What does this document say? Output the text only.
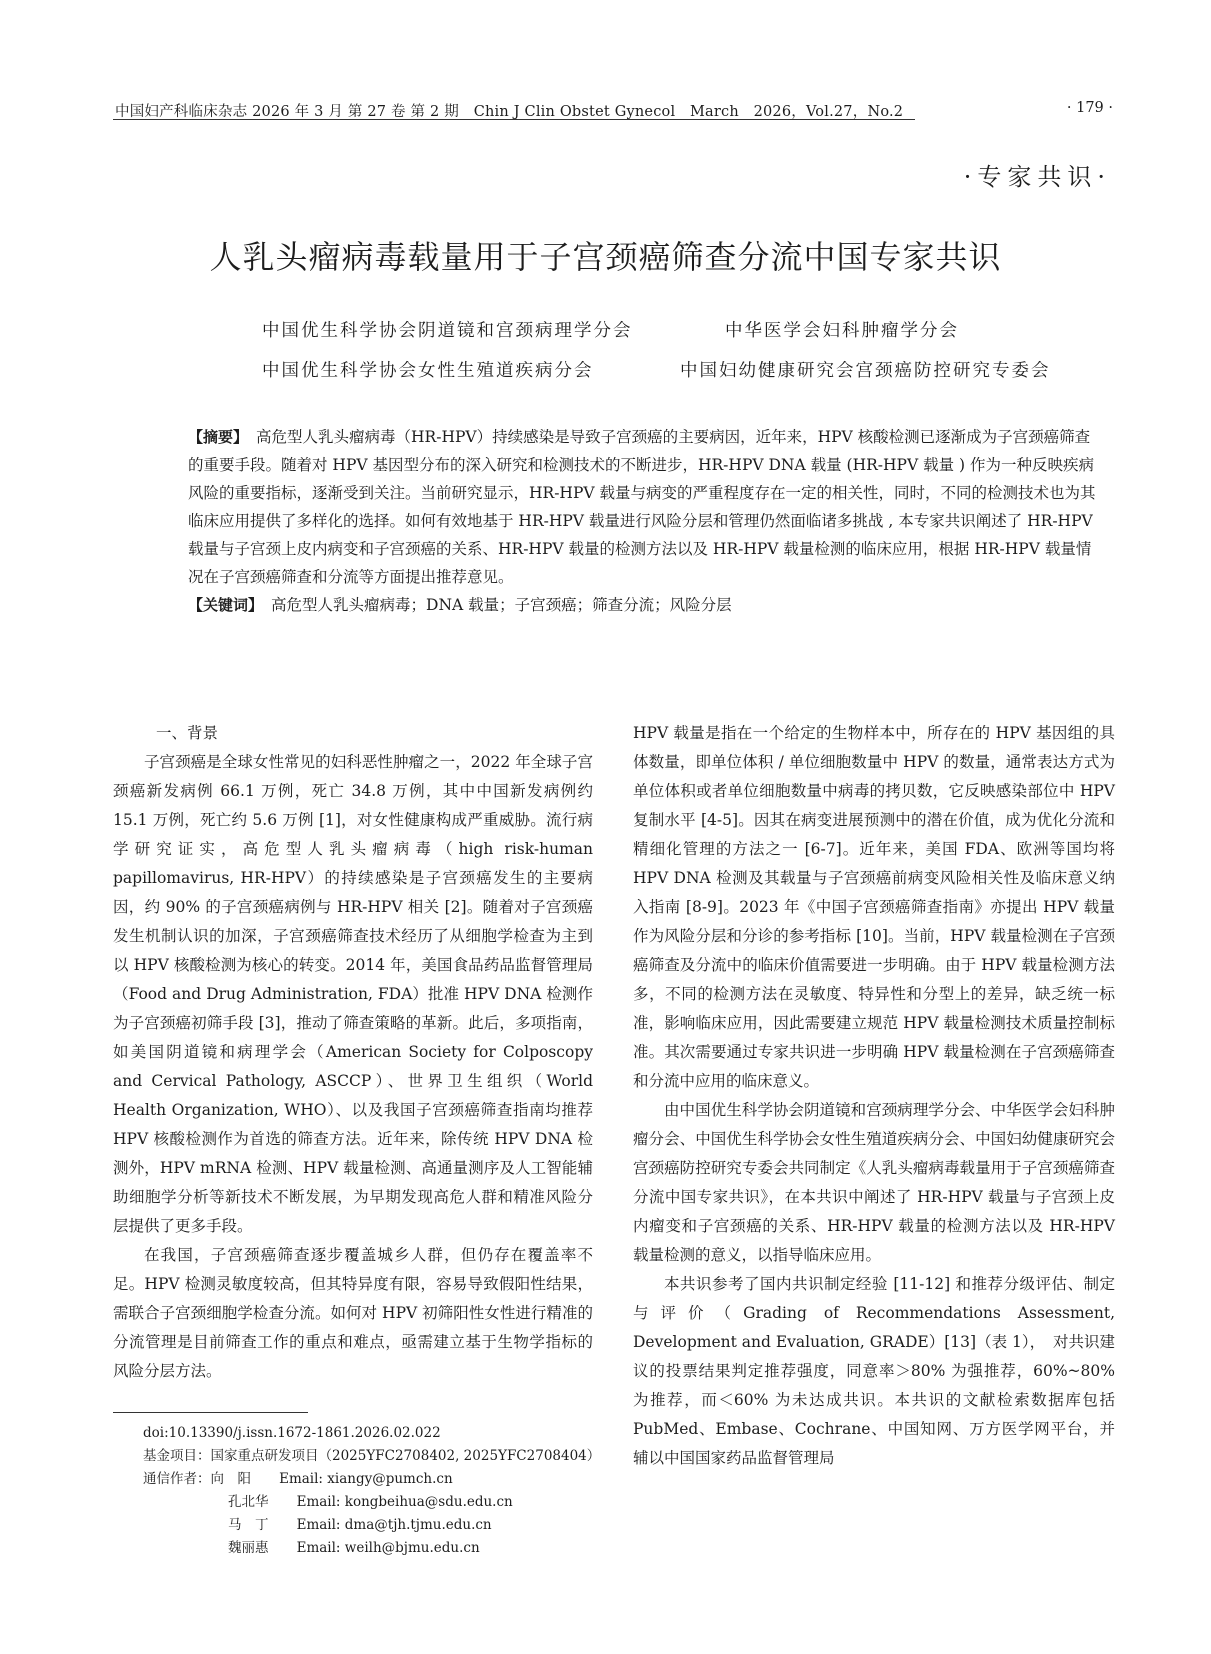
中国妇产科临床杂志 2026 年 3 月 第 27 卷 第 2 期　Chin J Clin Obstet Gynecol　March　2026，Vol.27，No.2	· 179 ·
·专家共识·
人乳头瘤病毒载量用于子宫颈癌筛查分流中国专家共识
中国优生科学协会阴道镜和宫颈病理学分会	中华医学会妇科肿瘤学分会
中国优生科学协会女性生殖道疾病分会	中国妇幼健康研究会宫颈癌防控研究专委会

【摘要】 高危型人乳头瘤病毒（HR-HPV）持续感染是导致子宫颈癌的主要病因，近年来，HPV 核酸检测已逐渐成为子宫颈癌筛查的重要手段。随着对 HPV 基因型分布的深入研究和检测技术的不断进步，HR-HPV DNA 载量 (HR-HPV 载量 ) 作为一种反映疾病风险的重要指标，逐渐受到关注。当前研究显示，HR-HPV 载量与病变的严重程度存在一定的相关性，同时，不同的检测技术也为其临床应用提供了多样化的选择。如何有效地基于 HR-HPV 载量进行风险分层和管理仍然面临诸多挑战 , 本专家共识阐述了 HR-HPV 载量与子宫颈上皮内病变和子宫颈癌的关系、HR-HPV 载量的检测方法以及 HR-HPV 载量检测的临床应用，根据 HR-HPV 载量情况在子宫颈癌筛查和分流等方面提出推荐意见。

【关键词】 高危型人乳头瘤病毒；DNA 载量；子宫颈癌；筛查分流；风险分层

一、背景

子宫颈癌是全球女性常见的妇科恶性肿瘤之一，2022 年全球子宫颈癌新发病例 66.1 万例，死亡 34.8 万例，其中中国新发病例约 15.1 万例，死亡约 5.6 万例 [1]，对女性健康构成严重威胁。流行病学研究证实，高危型人乳头瘤病毒（high risk-human papillomavirus, HR-HPV）的持续感染是子宫颈癌发生的主要病因，约 90% 的子宫颈癌病例与 HR-HPV 相关 [2]。随着对子宫颈癌发生机制认识的加深，子宫颈癌筛查技术经历了从细胞学检查为主到以 HPV 核酸检测为核心的转变。2014 年，美国食品药品监督管理局（Food and Drug Administration, FDA）批准 HPV DNA 检测作为子宫颈癌初筛手段 [3]，推动了筛查策略的革新。此后，多项指南，如美国阴道镜和病理学会（American Society for Colposcopy and Cervical Pathology, ASCCP）、世界卫生组织（World Health Organization, WHO）、以及我国子宫颈癌筛查指南均推荐 HPV 核酸检测作为首选的筛查方法。近年来，除传统 HPV DNA 检测外，HPV mRNA 检测、HPV 载量检测、高通量测序及人工智能辅助细胞学分析等新技术不断发展，为早期发现高危人群和精准风险分层提供了更多手段。

在我国，子宫颈癌筛查逐步覆盖城乡人群，但仍存在覆盖率不足。HPV 检测灵敏度较高，但其特异度有限，容易导致假阳性结果，需联合子宫颈细胞学检查分流。如何对 HPV 初筛阳性女性进行精准的分流管理是目前筛查工作的重点和难点，亟需建立基于生物学指标的风险分层方法。

HPV 载量是指在一个给定的生物样本中，所存在的 HPV 基因组的具体数量，即单位体积 / 单位细胞数量中 HPV 的数量，通常表达方式为单位体积或者单位细胞数量中病毒的拷贝数，它反映感染部位中 HPV 复制水平 [4-5]。因其在病变进展预测中的潜在价值，成为优化分流和精细化管理的方法之一 [6-7]。近年来，美国 FDA、欧洲等国均将 HPV DNA 检测及其载量与子宫颈癌前病变风险相关性及临床意义纳入指南 [8-9]。2023 年《中国子宫颈癌筛查指南》亦提出 HPV 载量作为风险分层和分诊的参考指标 [10]。当前，HPV 载量检测在子宫颈癌筛查及分流中的临床价值需要进一步明确。由于 HPV 载量检测方法多，不同的检测方法在灵敏度、特异性和分型上的差异，缺乏统一标准，影响临床应用，因此需要建立规范 HPV 载量检测技术质量控制标准。其次需要通过专家共识进一步明确 HPV 载量检测在子宫颈癌筛查和分流中应用的临床意义。

由中国优生科学协会阴道镜和宫颈病理学分会、中华医学会妇科肿瘤分会、中国优生科学协会女性生殖道疾病分会、中国妇幼健康研究会宫颈癌防控研究专委会共同制定《人乳头瘤病毒载量用于子宫颈癌筛查分流中国专家共识》，在本共识中阐述了 HR-HPV 载量与子宫颈上皮内瘤变和子宫颈癌的关系、HR-HPV 载量的检测方法以及 HR-HPV 载量检测的意义，以指导临床应用。

本共识参考了国内共识制定经验 [11-12] 和推荐分级评估、制定与评价（Grading of Recommendations Assessment, Development and Evaluation, GRADE）[13]（表 1），　对共识建议的投票结果判定推荐强度，同意率＞80% 为强推荐，60%~80% 为推荐，而＜60% 为未达成共识。本共识的文献检索数据库包括 PubMed、Embase、Cochrane、中国知网、万方医学网平台，并辅以中国国家药品监督管理局

doi:10.13390/j.issn.1672-1861.2026.02.022
基金项目：国家重点研发项目（2025YFC2708402, 2025YFC2708404）
通信作者：向　阳 Email: xiangy@pumch.cn
孔北华 Email: kongbeihua@sdu.edu.cn
马　丁 Email: dma@tjh.tjmu.edu.cn
魏丽惠 Email: weilh@bjmu.edu.cn
